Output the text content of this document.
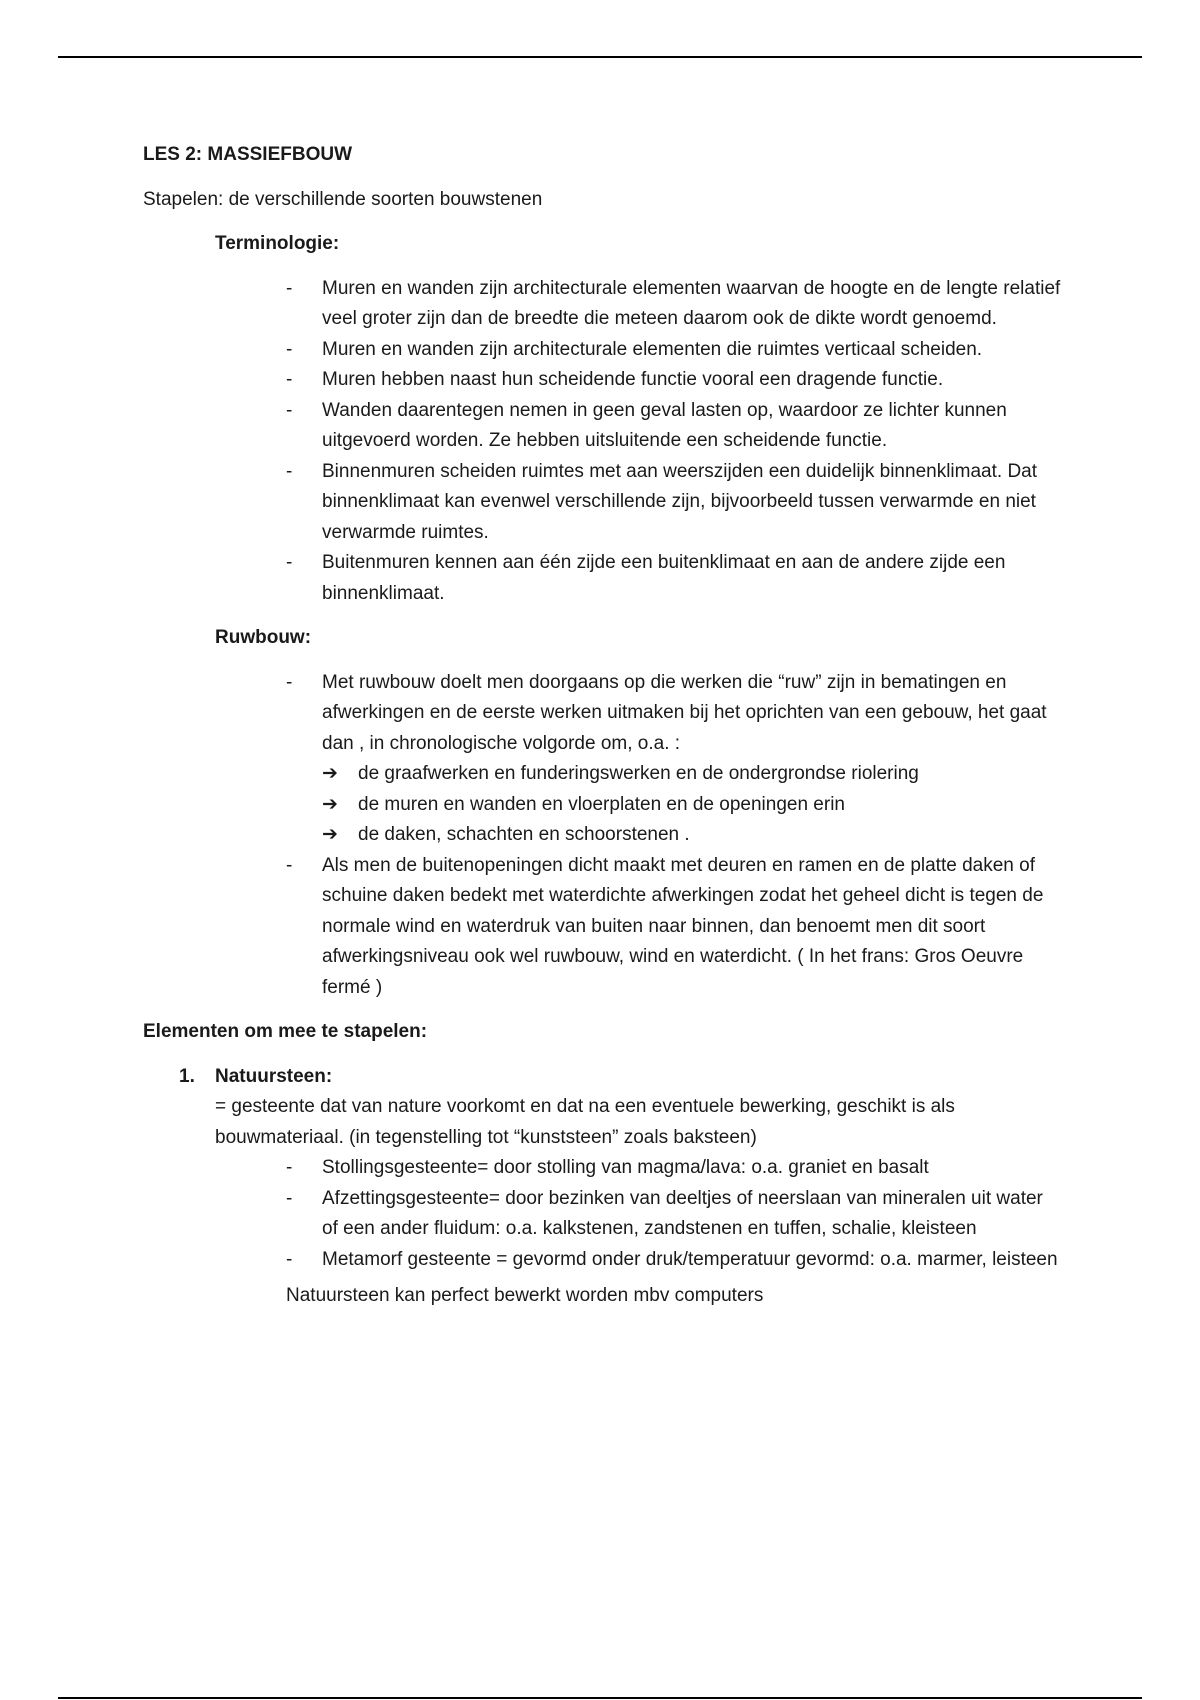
LES 2: MASSIEFBOUW
Stapelen: de verschillende soorten bouwstenen
Terminologie:
- Muren en wanden zijn architecturale elementen waarvan de hoogte en de lengte relatief veel groter zijn dan de breedte die meteen daarom ook de dikte wordt genoemd.
- Muren en wanden zijn architecturale elementen die ruimtes verticaal scheiden.
- Muren hebben naast hun scheidende functie vooral een dragende functie.
- Wanden daarentegen nemen in geen geval lasten op, waardoor ze lichter kunnen uitgevoerd worden. Ze hebben uitsluitende een scheidende functie.
- Binnenmuren scheiden ruimtes met aan weerszijden een duidelijk binnenklimaat. Dat binnenklimaat kan evenwel verschillende zijn, bijvoorbeeld tussen verwarmde en niet verwarmde ruimtes.
- Buitenmuren kennen aan één zijde een buitenklimaat en aan de andere zijde een binnenklimaat.
Ruwbouw:
- Met ruwbouw doelt men doorgaans op die werken die “ruw” zijn in bematingen en afwerkingen en de eerste werken uitmaken bij het oprichten van een gebouw, het gaat dan , in chronologische volgorde om, o.a. :
➔ de graafwerken en funderingswerken en de ondergrondse riolering
➔ de muren en wanden en vloerplaten en de openingen erin
➔ de daken, schachten en schoorstenen .
- Als men de buitenopeningen dicht maakt met deuren en ramen en de platte daken of schuine daken bedekt met waterdichte afwerkingen zodat het geheel dicht is tegen de normale wind en waterdruk van buiten naar binnen, dan benoemt men dit soort afwerkingsniveau ook wel ruwbouw, wind en waterdicht. ( In het frans: Gros Oeuvre fermé )
Elementen om mee te stapelen:
1. Natuursteen:
= gesteente dat van nature voorkomt en dat na een eventuele bewerking, geschikt is als bouwmateriaal. (in tegenstelling tot “kunststeen” zoals baksteen)
- Stollingsgesteente= door stolling van magma/lava: o.a. graniet en basalt
- Afzettingsgesteente= door bezinken van deeltjes of neerslaan van mineralen uit water of een ander fluidum: o.a. kalkstenen, zandstenen en tuffen, schalie, kleisteen
- Metamorf gesteente = gevormd onder druk/temperatuur gevormd: o.a. marmer, leisteen
Natuursteen kan perfect bewerkt worden mbv computers
